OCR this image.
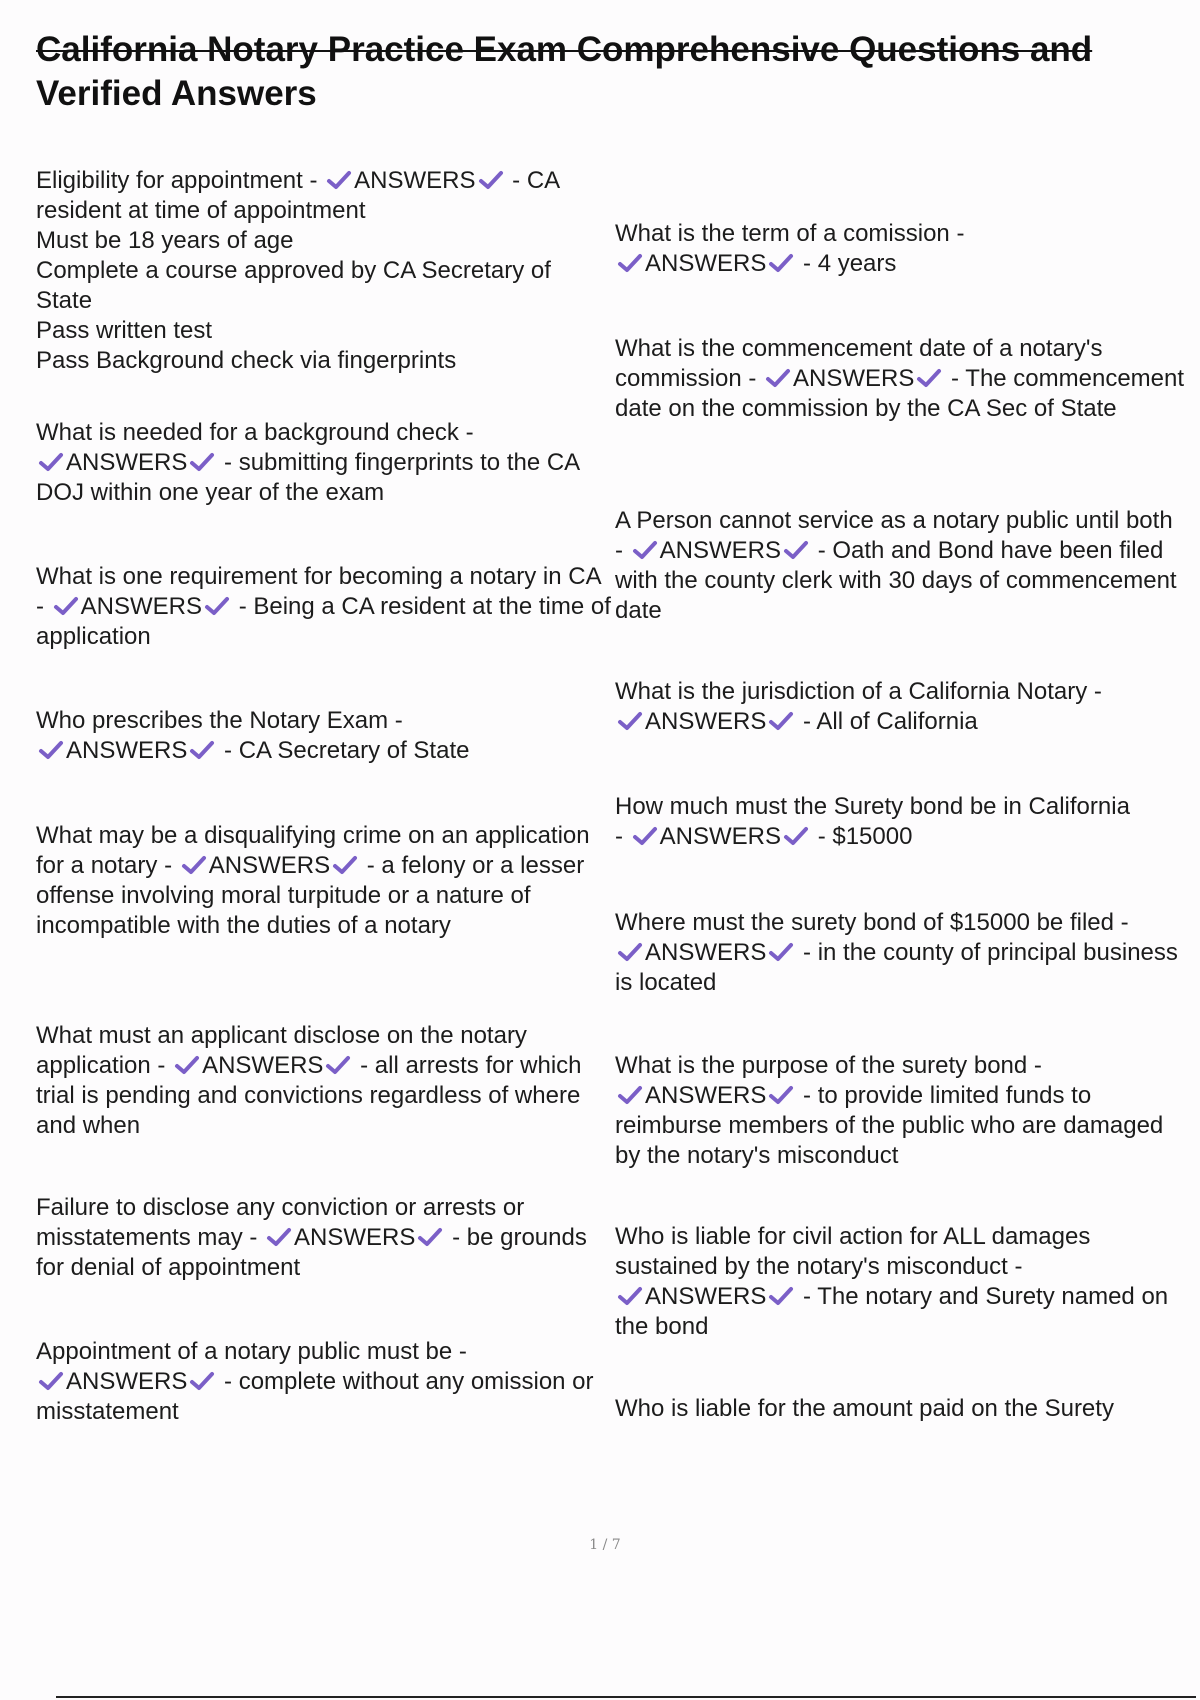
California Notary Practice Exam Comprehensive Questions and
Verified Answers
Eligibility for appointment -
ANSWERS
- CA
resident at time of appointment
Must be 18 years of age
Complete a course approved by CA Secretary of State
Pass written test
Pass Background check via fingerprints
What is needed for a background check -

ANSWERS
- submitting fingerprints to the CA DOJ within one year of the exam
What is one requirement for becoming a notary in CA -
ANSWERS
- Being a CA resident at the time of application
Who prescribes the Notary Exam -

ANSWERS
- CA Secretary of State
What may be a disqualifying crime on an application for a notary -
ANSWERS
- a felony or a lesser offense involving moral turpitude or a nature of incompatible with the duties of a notary
What must an applicant disclose on the notary application -
ANSWERS
- all arrests for which trial is pending and convictions regardless of where and when
Failure to disclose any conviction or arrests or misstatements may -
ANSWERS
- be grounds for denial of appointment
Appointment of a notary public must be -

ANSWERS
- complete without any omission or misstatement
What is the term of a comission -

ANSWERS
- 4 years
What is the commencement date of a notary's commission -
ANSWERS
- The commencement date on the commission by the CA Sec of State
A Person cannot service as a notary public until both -
ANSWERS
- Oath and Bond have been filed with the county clerk with 30 days of commencement date
What is the jurisdiction of a California Notary -

ANSWERS
- All of California
How much must the Surety bond be in California
-
ANSWERS
- $15000
Where must the surety bond of $15000 be filed -

ANSWERS
- in the county of principal business is located
What is the purpose of the surety bond -

ANSWERS
- to provide limited funds to reimburse members of the public who are damaged by the notary's misconduct
Who is liable for civil action for ALL damages sustained by the notary's misconduct -

ANSWERS
- The notary and Surety named on the bond
Who is liable for the amount paid on the Surety
1 / 7
